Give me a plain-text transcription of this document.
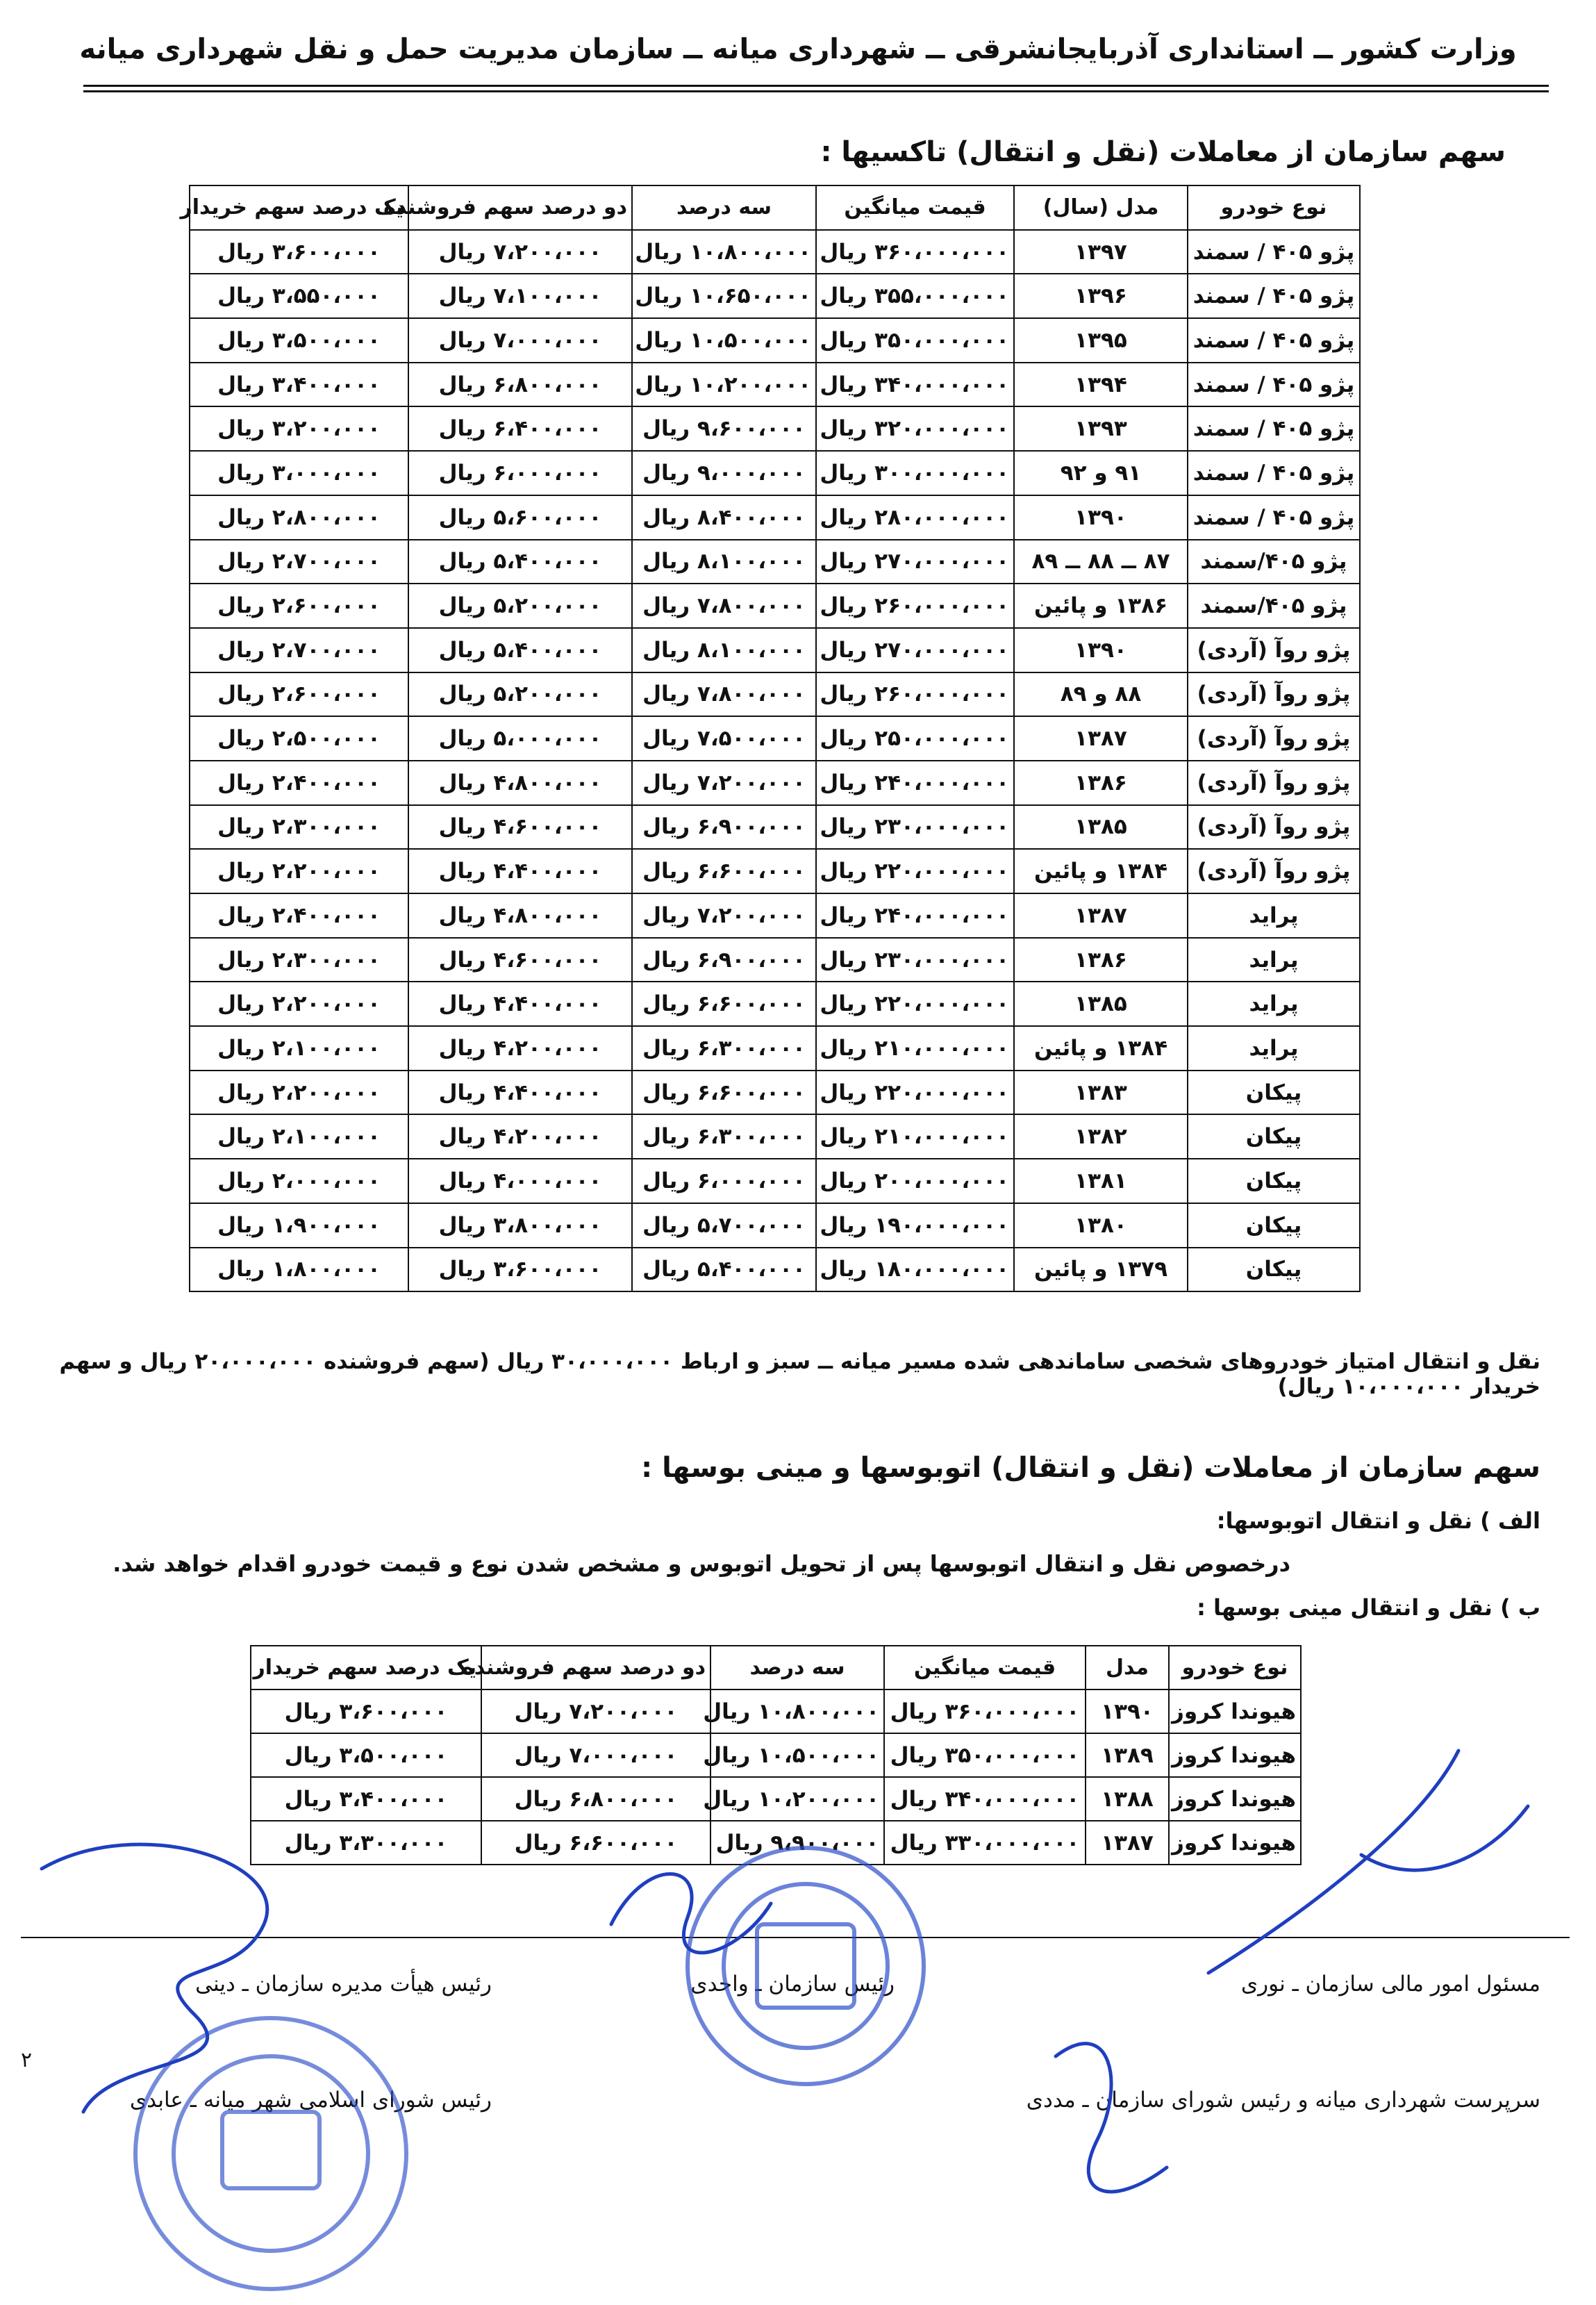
وزارت کشور ــ استانداری آذربایجانشرقی ــ شهرداری میانه ــ سازمان مدیریت حمل و نقل شهرداری میانه
سهم سازمان از معاملات (نقل و انتقال) تاکسیها :
نوع خودرو	مدل (سال)	قیمت میانگین	سه درصد	دو درصد سهم فروشنده	یک درصد سهم خریدار
پژو ۴۰۵ / سمند	۱۳۹۷	۳۶۰،۰۰۰،۰۰۰ ریال	۱۰،۸۰۰،۰۰۰ ریال	۷،۲۰۰،۰۰۰ ریال	۳،۶۰۰،۰۰۰ ریال
پژو ۴۰۵ / سمند	۱۳۹۶	۳۵۵،۰۰۰،۰۰۰ ریال	۱۰،۶۵۰،۰۰۰ ریال	۷،۱۰۰،۰۰۰ ریال	۳،۵۵۰،۰۰۰ ریال
پژو ۴۰۵ / سمند	۱۳۹۵	۳۵۰،۰۰۰،۰۰۰ ریال	۱۰،۵۰۰،۰۰۰ ریال	۷،۰۰۰،۰۰۰ ریال	۳،۵۰۰،۰۰۰ ریال
پژو ۴۰۵ / سمند	۱۳۹۴	۳۴۰،۰۰۰،۰۰۰ ریال	۱۰،۲۰۰،۰۰۰ ریال	۶،۸۰۰،۰۰۰ ریال	۳،۴۰۰،۰۰۰ ریال
پژو ۴۰۵ / سمند	۱۳۹۳	۳۲۰،۰۰۰،۰۰۰ ریال	۹،۶۰۰،۰۰۰ ریال	۶،۴۰۰،۰۰۰ ریال	۳،۲۰۰،۰۰۰ ریال
پژو ۴۰۵ / سمند	۹۱ و ۹۲	۳۰۰،۰۰۰،۰۰۰ ریال	۹،۰۰۰،۰۰۰ ریال	۶،۰۰۰،۰۰۰ ریال	۳،۰۰۰،۰۰۰ ریال
پژو ۴۰۵ / سمند	۱۳۹۰	۲۸۰،۰۰۰،۰۰۰ ریال	۸،۴۰۰،۰۰۰ ریال	۵،۶۰۰،۰۰۰ ریال	۲،۸۰۰،۰۰۰ ریال
پژو ۴۰۵/سمند	۸۷ ــ ۸۸ ــ ۸۹	۲۷۰،۰۰۰،۰۰۰ ریال	۸،۱۰۰،۰۰۰ ریال	۵،۴۰۰،۰۰۰ ریال	۲،۷۰۰،۰۰۰ ریال
پژو ۴۰۵/سمند	۱۳۸۶ و پائین	۲۶۰،۰۰۰،۰۰۰ ریال	۷،۸۰۰،۰۰۰ ریال	۵،۲۰۰،۰۰۰ ریال	۲،۶۰۰،۰۰۰ ریال
پژو روآ (آردی)	۱۳۹۰	۲۷۰،۰۰۰،۰۰۰ ریال	۸،۱۰۰،۰۰۰ ریال	۵،۴۰۰،۰۰۰ ریال	۲،۷۰۰،۰۰۰ ریال
پژو روآ (آردی)	۸۸ و ۸۹	۲۶۰،۰۰۰،۰۰۰ ریال	۷،۸۰۰،۰۰۰ ریال	۵،۲۰۰،۰۰۰ ریال	۲،۶۰۰،۰۰۰ ریال
پژو روآ (آردی)	۱۳۸۷	۲۵۰،۰۰۰،۰۰۰ ریال	۷،۵۰۰،۰۰۰ ریال	۵،۰۰۰،۰۰۰ ریال	۲،۵۰۰،۰۰۰ ریال
پژو روآ (آردی)	۱۳۸۶	۲۴۰،۰۰۰،۰۰۰ ریال	۷،۲۰۰،۰۰۰ ریال	۴،۸۰۰،۰۰۰ ریال	۲،۴۰۰،۰۰۰ ریال
پژو روآ (آردی)	۱۳۸۵	۲۳۰،۰۰۰،۰۰۰ ریال	۶،۹۰۰،۰۰۰ ریال	۴،۶۰۰،۰۰۰ ریال	۲،۳۰۰،۰۰۰ ریال
پژو روآ (آردی)	۱۳۸۴ و پائین	۲۲۰،۰۰۰،۰۰۰ ریال	۶،۶۰۰،۰۰۰ ریال	۴،۴۰۰،۰۰۰ ریال	۲،۲۰۰،۰۰۰ ریال
پراید	۱۳۸۷	۲۴۰،۰۰۰،۰۰۰ ریال	۷،۲۰۰،۰۰۰ ریال	۴،۸۰۰،۰۰۰ ریال	۲،۴۰۰،۰۰۰ ریال
پراید	۱۳۸۶	۲۳۰،۰۰۰،۰۰۰ ریال	۶،۹۰۰،۰۰۰ ریال	۴،۶۰۰،۰۰۰ ریال	۲،۳۰۰،۰۰۰ ریال
پراید	۱۳۸۵	۲۲۰،۰۰۰،۰۰۰ ریال	۶،۶۰۰،۰۰۰ ریال	۴،۴۰۰،۰۰۰ ریال	۲،۲۰۰،۰۰۰ ریال
پراید	۱۳۸۴ و پائین	۲۱۰،۰۰۰،۰۰۰ ریال	۶،۳۰۰،۰۰۰ ریال	۴،۲۰۰،۰۰۰ ریال	۲،۱۰۰،۰۰۰ ریال
پیکان	۱۳۸۳	۲۲۰،۰۰۰،۰۰۰ ریال	۶،۶۰۰،۰۰۰ ریال	۴،۴۰۰،۰۰۰ ریال	۲،۲۰۰،۰۰۰ ریال
پیکان	۱۳۸۲	۲۱۰،۰۰۰،۰۰۰ ریال	۶،۳۰۰،۰۰۰ ریال	۴،۲۰۰،۰۰۰ ریال	۲،۱۰۰،۰۰۰ ریال
پیکان	۱۳۸۱	۲۰۰،۰۰۰،۰۰۰ ریال	۶،۰۰۰،۰۰۰ ریال	۴،۰۰۰،۰۰۰ ریال	۲،۰۰۰،۰۰۰ ریال
پیکان	۱۳۸۰	۱۹۰،۰۰۰،۰۰۰ ریال	۵،۷۰۰،۰۰۰ ریال	۳،۸۰۰،۰۰۰ ریال	۱،۹۰۰،۰۰۰ ریال
پیکان	۱۳۷۹ و پائین	۱۸۰،۰۰۰،۰۰۰ ریال	۵،۴۰۰،۰۰۰ ریال	۳،۶۰۰،۰۰۰ ریال	۱،۸۰۰،۰۰۰ ریال
نقل و انتقال امتیاز خودروهای شخصی ساماندهی شده مسیر میانه ــ سبز و ارباط ۳۰،۰۰۰،۰۰۰ ریال (سهم فروشنده ۲۰،۰۰۰،۰۰۰ ریال و سهم خریدار ۱۰،۰۰۰،۰۰۰ ریال)
سهم سازمان از معاملات (نقل و انتقال) اتوبوسها و مینی بوسها :
الف ) نقل و انتقال اتوبوسها:
درخصوص نقل و انتقال اتوبوسها پس از تحویل اتوبوس و مشخص شدن نوع و قیمت خودرو اقدام خواهد شد.
ب ) نقل و انتقال مینی بوسها :
نوع خودرو	مدل	قیمت میانگین	سه درصد	دو درصد سهم فروشنده	یک درصد سهم خریدار
هیوندا کروز	۱۳۹۰	۳۶۰،۰۰۰،۰۰۰ ریال	۱۰،۸۰۰،۰۰۰ ریال	۷،۲۰۰،۰۰۰ ریال	۳،۶۰۰،۰۰۰ ریال
هیوندا کروز	۱۳۸۹	۳۵۰،۰۰۰،۰۰۰ ریال	۱۰،۵۰۰،۰۰۰ ریال	۷،۰۰۰،۰۰۰ ریال	۳،۵۰۰،۰۰۰ ریال
هیوندا کروز	۱۳۸۸	۳۴۰،۰۰۰،۰۰۰ ریال	۱۰،۲۰۰،۰۰۰ ریال	۶،۸۰۰،۰۰۰ ریال	۳،۴۰۰،۰۰۰ ریال
هیوندا کروز	۱۳۸۷	۳۳۰،۰۰۰،۰۰۰ ریال	۹،۹۰۰،۰۰۰ ریال	۶،۶۰۰،۰۰۰ ریال	۳،۳۰۰،۰۰۰ ریال
مسئول امور مالی سازمان ـ نوری
رئیس سازمان ـ واحدی
رئیس هیأت مدیره سازمان ـ دینی
سرپرست شهرداری میانه و رئیس شورای سازمان ـ مددی
رئیس شورای اسلامی شهر میانه ـ عابدی
۲
